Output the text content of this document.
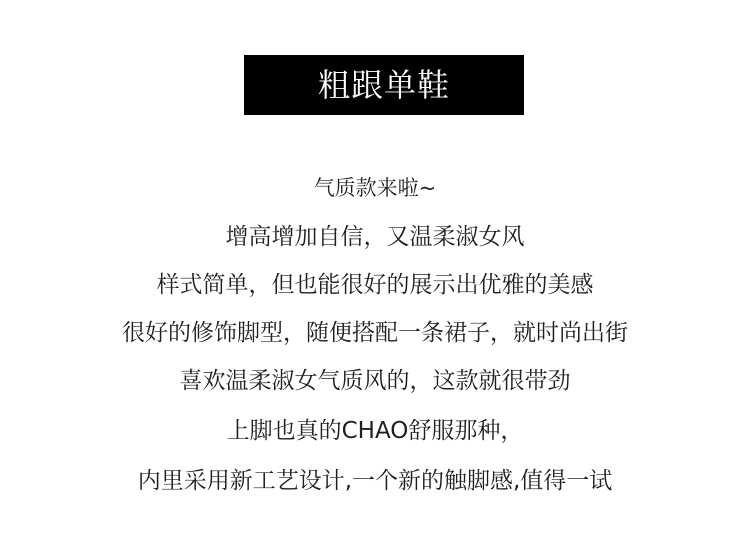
粗跟单鞋
气质款来啦~
增高增加自信，又温柔淑女风
样式简单，但也能很好的展示出优雅的美感
很好的修饰脚型，随便搭配一条裙子，就时尚出街
喜欢温柔淑女气质风的，这款就很带劲
上脚也真的CHAO舒服那种，
内里采用新工艺设计,一个新的触脚感,值得一试
